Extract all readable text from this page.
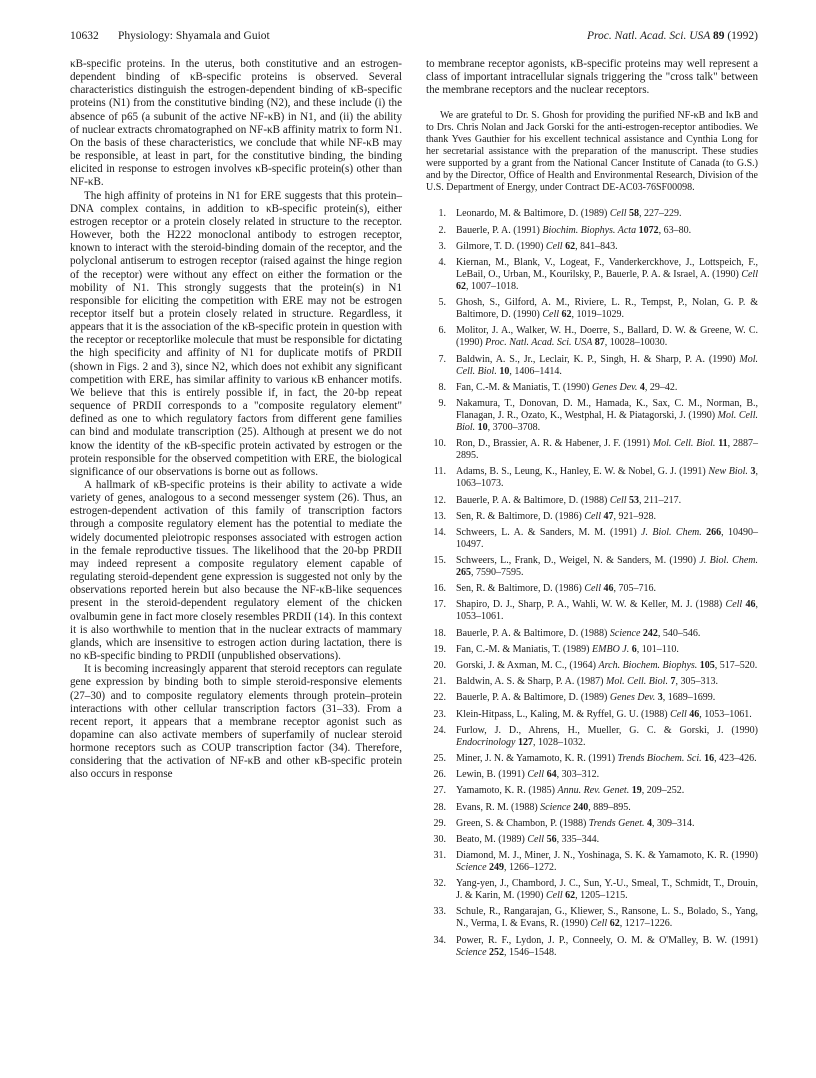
10632 Physiology: Shyamala and Guiot	Proc. Natl. Acad. Sci. USA 89 (1992)

κB-specific proteins. In the uterus, both constitutive and an estrogen-dependent binding of κB-specific proteins is observed. Several characteristics distinguish the estrogen-dependent binding of κB-specific proteins (N1) from the constitutive binding (N2), and these include (i) the absence of p65 (a subunit of the active NF-κB) in N1, and (ii) the ability of nuclear extracts chromatographed on NF-κB affinity matrix to form N1. On the basis of these characteristics, we conclude that while NF-κB may be responsible, at least in part, for the constitutive binding, the binding elicited in response to estrogen involves κB-specific protein(s) other than NF-κB.

The high affinity of proteins in N1 for ERE suggests that this protein–DNA complex contains, in addition to κB-specific protein(s), either estrogen receptor or a protein closely related in structure to the receptor. However, both the H222 monoclonal antibody to estrogen receptor, known to interact with the steroid-binding domain of the receptor, and the polyclonal antiserum to estrogen receptor (raised against the hinge region of the receptor) were without any effect on either the formation or the mobility of N1. This strongly suggests that the protein(s) in N1 responsible for eliciting the competition with ERE may not be estrogen receptor itself but a protein closely related in structure. Regardless, it appears that it is the association of the κB-specific protein in question with the receptor or receptorlike molecule that must be responsible for dictating the high specificity and affinity of N1 for duplicate motifs of PRDII (shown in Figs. 2 and 3), since N2, which does not exhibit any significant competition with ERE, has similar affinity to various κB enhancer motifs. We believe that this is entirely possible if, in fact, the 20-bp repeat sequence of PRDII corresponds to a "composite regulatory element" defined as one to which regulatory factors from different gene families can bind and modulate transcription (25). Although at present we do not know the identity of the κB-specific protein activated by estrogen or the protein responsible for the observed competition with ERE, the biological significance of our observations is borne out as follows.

A hallmark of κB-specific proteins is their ability to activate a wide variety of genes, analogous to a second messenger system (26). Thus, an estrogen-dependent activation of this family of transcription factors through a composite regulatory element has the potential to mediate the widely documented pleiotropic responses associated with estrogen action in the female reproductive tissues. The likelihood that the 20-bp PRDII may indeed represent a composite regulatory element capable of regulating steroid-dependent gene expression is suggested not only by the observations reported herein but also because the NF-κB-like sequences present in the steroid-dependent regulatory element of the chicken ovalbumin gene in fact more closely resembles PRDII (14). In this context it is also worthwhile to mention that in the nuclear extracts of mammary glands, which are insensitive to estrogen action during lactation, there is no κB-specific binding to PRDII (unpublished observations).

It is becoming increasingly apparent that steroid receptors can regulate gene expression by binding both to simple steroid-responsive elements (27–30) and to composite regulatory elements through protein–protein interactions with other cellular transcription factors (31–33). From a recent report, it appears that a membrane receptor agonist such as dopamine can also activate members of superfamily of nuclear steroid hormone receptors such as COUP transcription factor (34). Therefore, considering that the activation of NF-κB and other κB-specific protein also occurs in response

to membrane receptor agonists, κB-specific proteins may well represent a class of important intracellular signals triggering the "cross talk" between the membrane receptors and the nuclear receptors.

We are grateful to Dr. S. Ghosh for providing the purified NF-κB and IκB and to Drs. Chris Nolan and Jack Gorski for the anti-estrogen-receptor antibodies. We thank Yves Gauthier for his excellent technical assistance and Cynthia Long for her secretarial assistance with the preparation of the manuscript. These studies were supported by a grant from the National Cancer Institute of Canada (to G.S.) and by the Director, Office of Health and Environmental Research, Division of the U.S. Department of Energy, under Contract DE-AC03-76SF00098.

1. Leonardo, M. & Baltimore, D. (1989) Cell 58, 227–229.
2. Bauerle, P. A. (1991) Biochim. Biophys. Acta 1072, 63–80.
3. Gilmore, T. D. (1990) Cell 62, 841–843.
4. Kiernan, M., Blank, V., Logeat, F., Vanderkerckhove, J., Lottspeich, F., LeBail, O., Urban, M., Kourilsky, P., Bauerle, P. A. & Israel, A. (1990) Cell 62, 1007–1018.
5. Ghosh, S., Gilford, A. M., Riviere, L. R., Tempst, P., Nolan, G. P. & Baltimore, D. (1990) Cell 62, 1019–1029.
6. Molitor, J. A., Walker, W. H., Doerre, S., Ballard, D. W. & Greene, W. C. (1990) Proc. Natl. Acad. Sci. USA 87, 10028–10030.
7. Baldwin, A. S., Jr., Leclair, K. P., Singh, H. & Sharp, P. A. (1990) Mol. Cell. Biol. 10, 1406–1414.
8. Fan, C.-M. & Maniatis, T. (1990) Genes Dev. 4, 29–42.
9. Nakamura, T., Donovan, D. M., Hamada, K., Sax, C. M., Norman, B., Flanagan, J. R., Ozato, K., Westphal, H. & Piatagorski, J. (1990) Mol. Cell. Biol. 10, 3700–3708.
10. Ron, D., Brassier, A. R. & Habener, J. F. (1991) Mol. Cell. Biol. 11, 2887–2895.
11. Adams, B. S., Leung, K., Hanley, E. W. & Nobel, G. J. (1991) New Biol. 3, 1063–1073.
12. Bauerle, P. A. & Baltimore, D. (1988) Cell 53, 211–217.
13. Sen, R. & Baltimore, D. (1986) Cell 47, 921–928.
14. Schweers, L. A. & Sanders, M. M. (1991) J. Biol. Chem. 266, 10490–10497.
15. Schweers, L., Frank, D., Weigel, N. & Sanders, M. (1990) J. Biol. Chem. 265, 7590–7595.
16. Sen, R. & Baltimore, D. (1986) Cell 46, 705–716.
17. Shapiro, D. J., Sharp, P. A., Wahli, W. W. & Keller, M. J. (1988) Cell 46, 1053–1061.
18. Bauerle, P. A. & Baltimore, D. (1988) Science 242, 540–546.
19. Fan, C.-M. & Maniatis, T. (1989) EMBO J. 6, 101–110.
20. Gorski, J. & Axman, M. C., (1964) Arch. Biochem. Biophys. 105, 517–520.
21. Baldwin, A. S. & Sharp, P. A. (1987) Mol. Cell. Biol. 7, 305–313.
22. Bauerle, P. A. & Baltimore, D. (1989) Genes Dev. 3, 1689–1699.
23. Klein-Hitpass, L., Kaling, M. & Ryffel, G. U. (1988) Cell 46, 1053–1061.
24. Furlow, J. D., Ahrens, H., Mueller, G. C. & Gorski, J. (1990) Endocrinology 127, 1028–1032.
25. Miner, J. N. & Yamamoto, K. R. (1991) Trends Biochem. Sci. 16, 423–426.
26. Lewin, B. (1991) Cell 64, 303–312.
27. Yamamoto, K. R. (1985) Annu. Rev. Genet. 19, 209–252.
28. Evans, R. M. (1988) Science 240, 889–895.
29. Green, S. & Chambon, P. (1988) Trends Genet. 4, 309–314.
30. Beato, M. (1989) Cell 56, 335–344.
31. Diamond, M. J., Miner, J. N., Yoshinaga, S. K. & Yamamoto, K. R. (1990) Science 249, 1266–1272.
32. Yang-yen, J., Chambord, J. C., Sun, Y.-U., Smeal, T., Schmidt, T., Drouin, J. & Karin, M. (1990) Cell 62, 1205–1215.
33. Schule, R., Rangarajan, G., Kliewer, S., Ransone, L. S., Bolado, S., Yang, N., Verma, I. & Evans, R. (1990) Cell 62, 1217–1226.
34. Power, R. F., Lydon, J. P., Conneely, O. M. & O'Malley, B. W. (1991) Science 252, 1546–1548.
